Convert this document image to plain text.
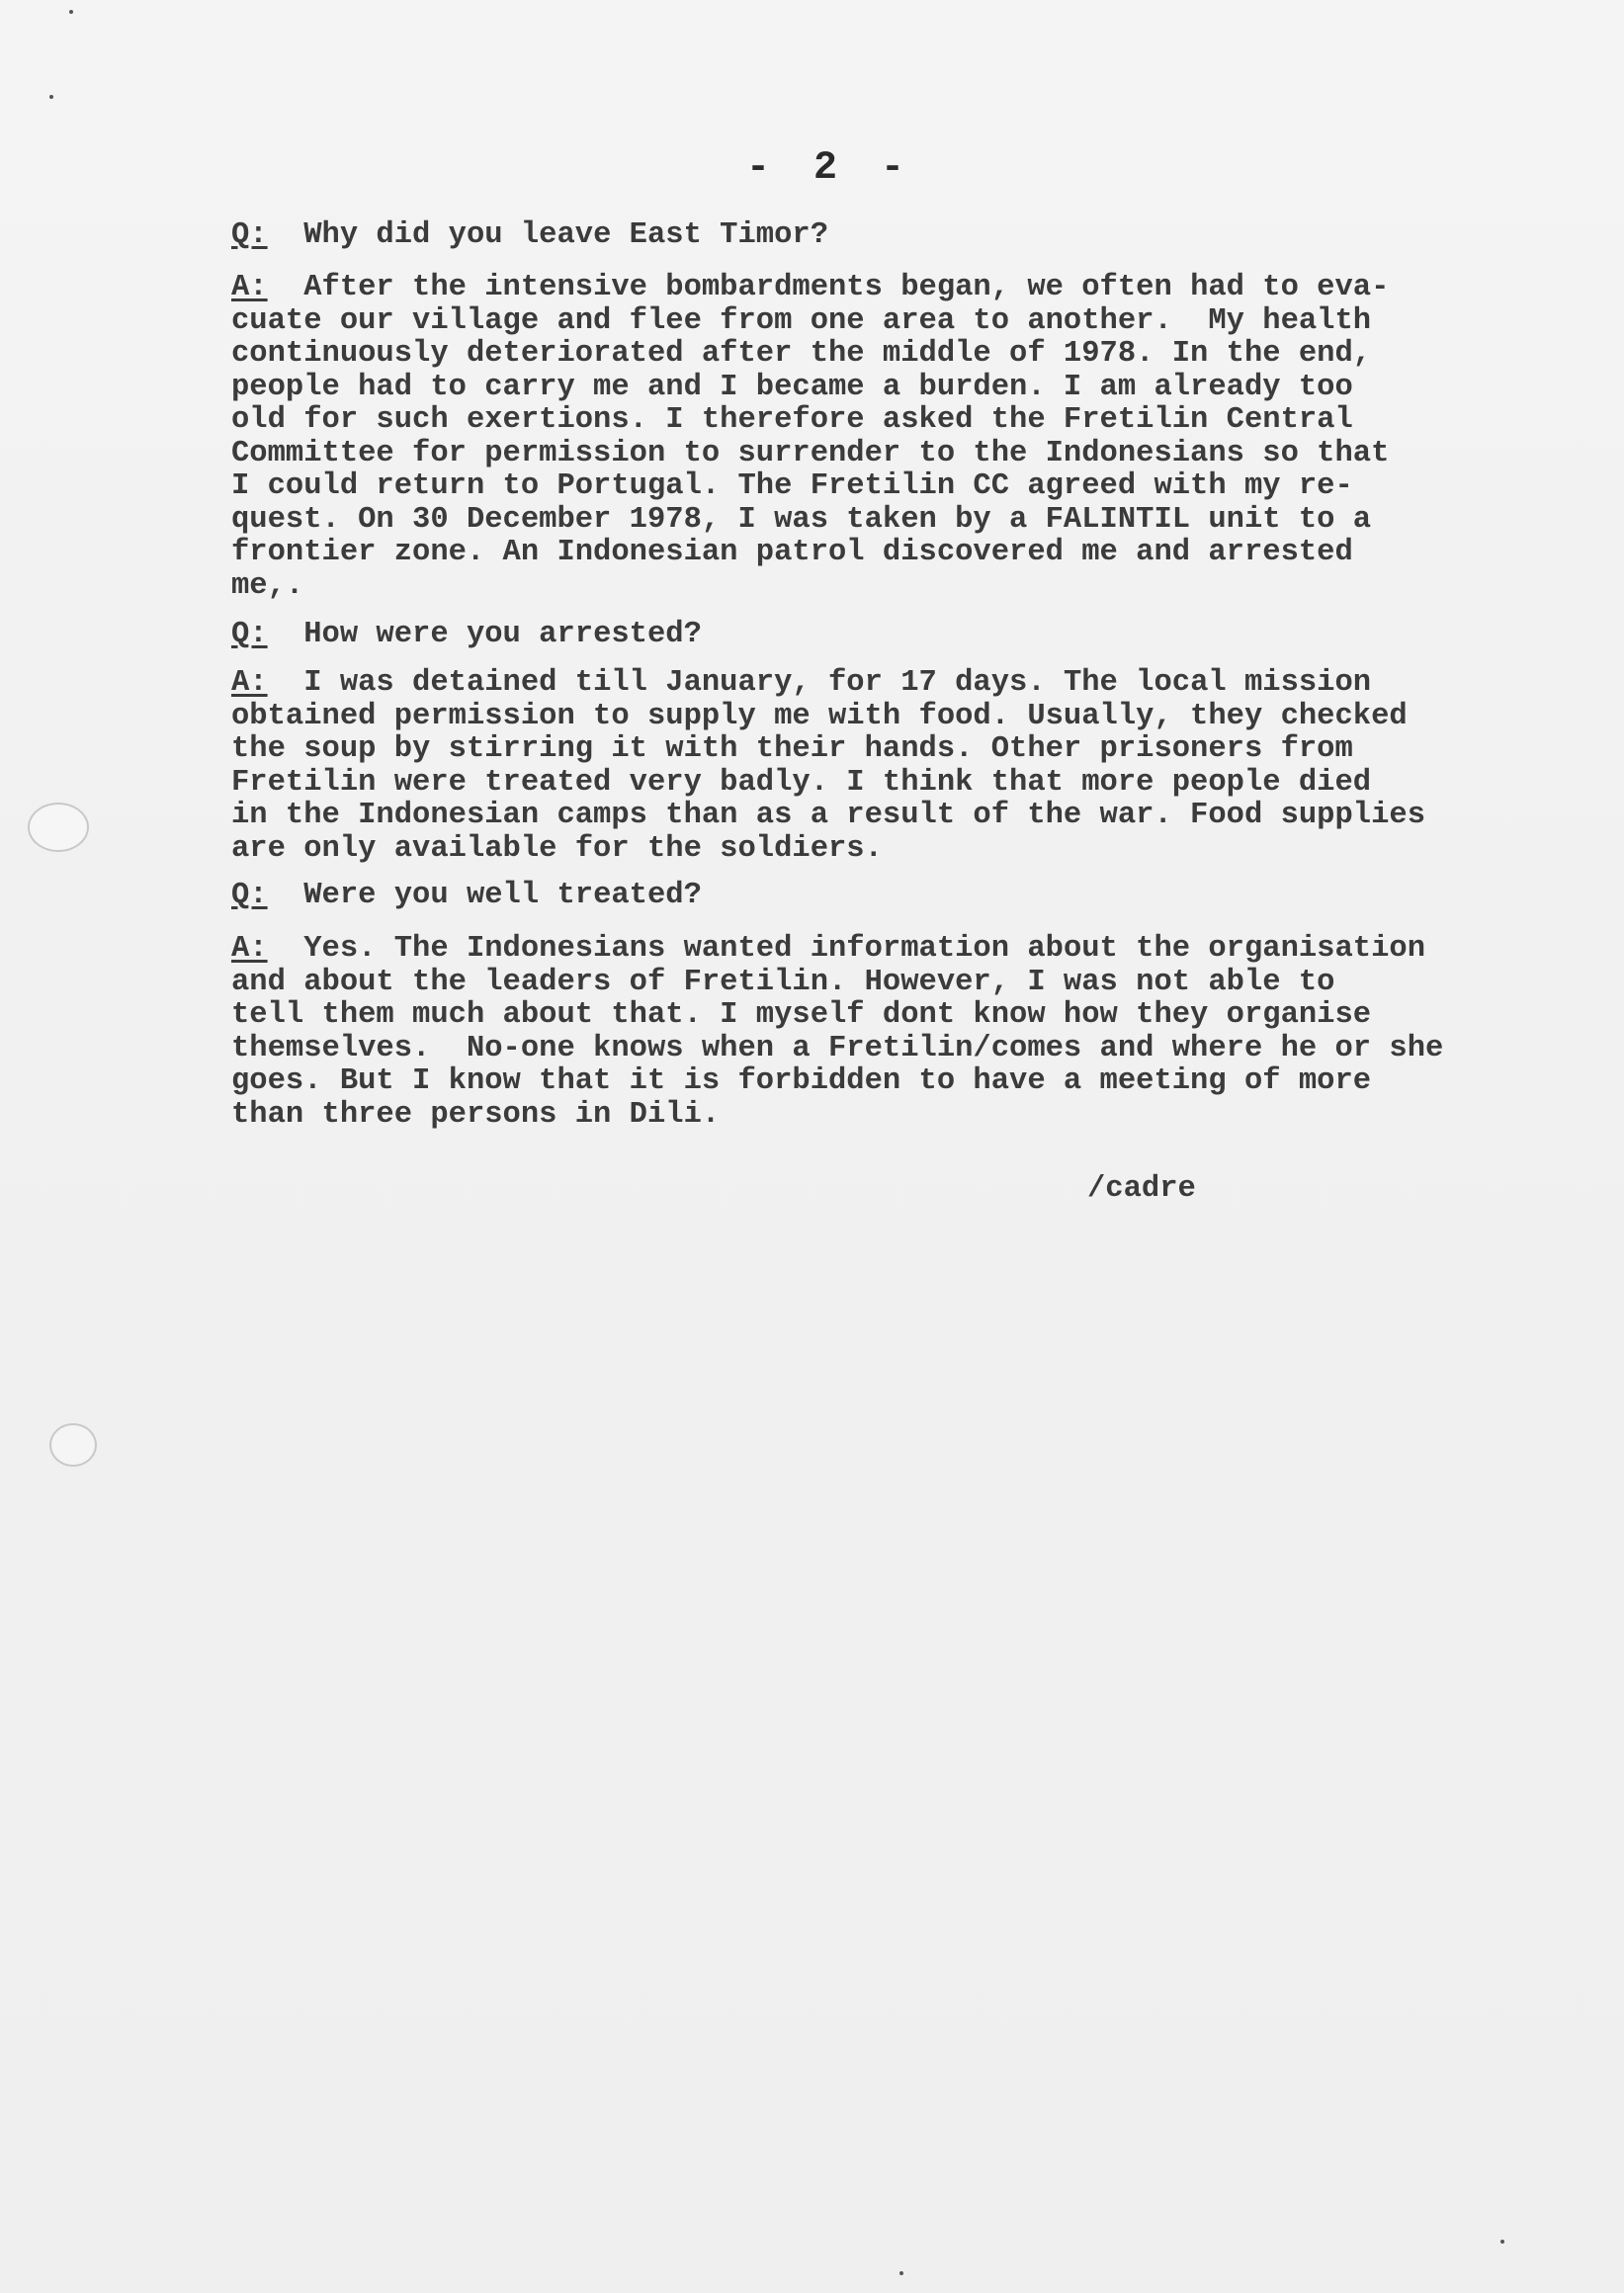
- 2 -
Q: Why did you leave East Timor?
A: After the intensive bombardments began, we often had to eva-
cuate our village and flee from one area to another.  My health
continuously deteriorated after the middle of 1978. In the end,
people had to carry me and I became a burden. I am already too
old for such exertions. I therefore asked the Fretilin Central
Committee for permission to surrender to the Indonesians so that
I could return to Portugal. The Fretilin CC agreed with my re-
quest. On 30 December 1978, I was taken by a FALINTIL unit to a
frontier zone. An Indonesian patrol discovered me and arrested
me,.
Q: How were you arrested?
A: I was detained till January, for 17 days. The local mission
obtained permission to supply me with food. Usually, they checked
the soup by stirring it with their hands. Other prisoners from
Fretilin were treated very badly. I think that more people died
in the Indonesian camps than as a result of the war. Food supplies
are only available for the soldiers.
Q: Were you well treated?
A: Yes. The Indonesians wanted information about the organisation
and about the leaders of Fretilin. However, I was not able to
tell them much about that. I myself dont know how they organise
themselves.  No-one knows when a Fretilin/comes and where he or she
goes. But I know that it is forbidden to have a meeting of more
than three persons in Dili.
/cadre
